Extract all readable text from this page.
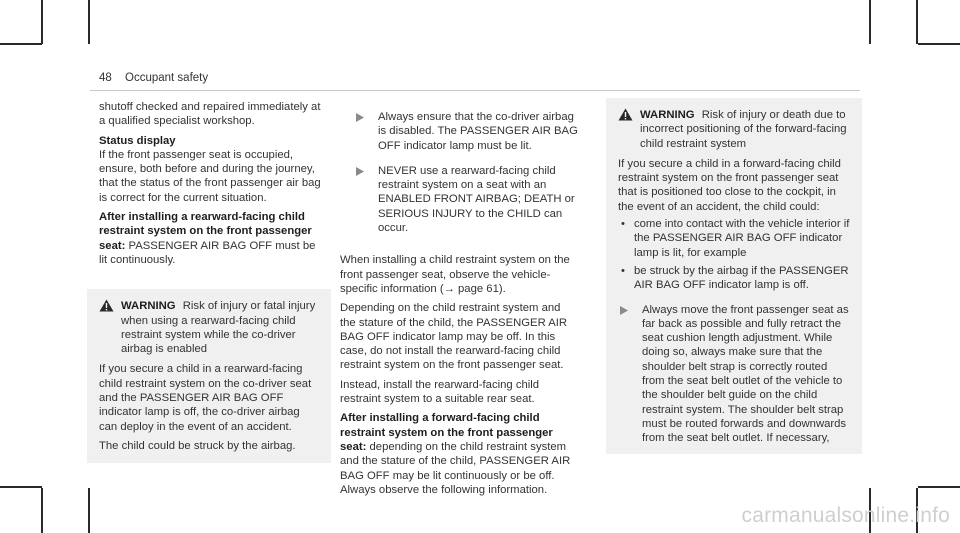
48 Occupant safety

shutoff checked and repaired immediately at a qualified specialist workshop.

Status display

If the front passenger seat is occupied, ensure, both before and during the journey, that the status of the front passenger air bag is correct for the current situation.

After installing a rearward-facing child restraint system on the front passenger seat: PASSENGER AIR BAG OFF must be lit continuously.

WARNING Risk of injury or fatal injury when using a rearward-facing child restraint system while the co-driver airbag is enabled

If you secure a child in a rearward-facing child restraint system on the co-driver seat and the PASSENGER AIR BAG OFF indicator lamp is off, the co-driver airbag can deploy in the event of an accident.

The child could be struck by the airbag.

Always ensure that the co-driver airbag is disabled. The PASSENGER AIR BAG OFF indicator lamp must be lit.

NEVER use a rearward-facing child restraint system on a seat with an ENABLED FRONT AIRBAG; DEATH or SERIOUS INJURY to the CHILD can occur.

When installing a child restraint system on the front passenger seat, observe the vehicle-specific information (→ page 61).

Depending on the child restraint system and the stature of the child, the PASSENGER AIR BAG OFF indicator lamp may be off. In this case, do not install the rearward-facing child restraint system on the front passenger seat.

Instead, install the rearward-facing child restraint system to a suitable rear seat.

After installing a forward-facing child restraint system on the front passenger seat: depending on the child restraint system and the stature of the child, PASSENGER AIR BAG OFF may be lit continuously or be off. Always observe the following information.

WARNING Risk of injury or death due to incorrect positioning of the forward-facing child restraint system

If you secure a child in a forward-facing child restraint system on the front passenger seat that is positioned too close to the cockpit, in the event of an accident, the child could:

• come into contact with the vehicle interior if the PASSENGER AIR BAG OFF indicator lamp is lit, for example
• be struck by the airbag if the PASSENGER AIR BAG OFF indicator lamp is off.

Always move the front passenger seat as far back as possible and fully retract the seat cushion length adjustment. While doing so, always make sure that the shoulder belt strap is correctly routed from the seat belt outlet of the vehicle to the shoulder belt guide on the child restraint system. The shoulder belt strap must be routed forwards and downwards from the seat belt outlet. If necessary,

carmanualsonline.info
